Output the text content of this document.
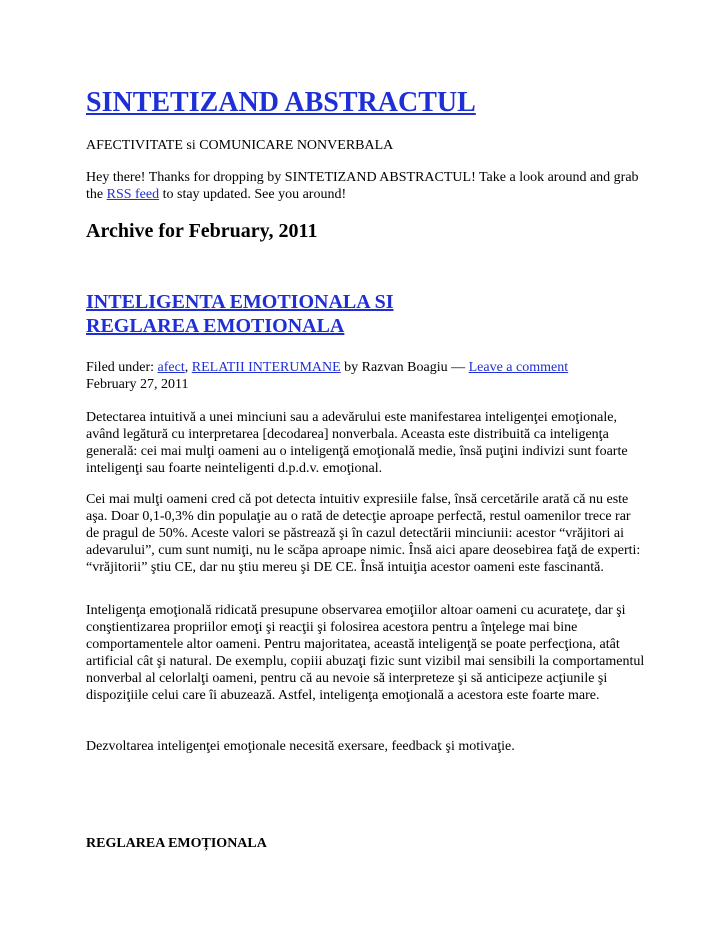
SINTETIZAND ABSTRACTUL
AFECTIVITATE si COMUNICARE NONVERBALA
Hey there! Thanks for dropping by SINTETIZAND ABSTRACTUL! Take a look around and grab the RSS feed to stay updated. See you around!
Archive for February, 2011
INTELIGENTA EMOTIONALA SI
REGLAREA EMOTIONALA
Filed under: afect, RELATII INTERUMANE by Razvan Boagiu — Leave a comment
February 27, 2011

Detectarea intuitivă a unei minciuni sau a adevărului este manifestarea inteligenţei emoţionale, având legătură cu interpretarea [decodarea] nonverbala. Aceasta este distribuită ca inteligenţa generală: cei mai mulţi oameni au o inteligenţă emoţională medie, însă puţini indivizi sunt foarte inteligenţi sau foarte neinteligenti d.p.d.v. emoţional.

Cei mai mulţi oameni cred că pot detecta intuitiv expresiile false, însă cercetările arată că nu este aşa. Doar 0,1-0,3% din populaţie au o rată de detecţie aproape perfectă, restul oamenilor trece rar de pragul de 50%. Aceste valori se păstrează şi în cazul detectării minciunii: acestor “vrăjitori ai adevarului”, cum sunt numiţi, nu le scăpa aproape nimic. Însă aici apare deosebirea faţă de experti: “vrăjitorii” ştiu CE, dar nu ştiu mereu şi DE CE. Însă intuiţia acestor oameni este fascinantă.

Inteligenţa emoţională ridicată presupune observarea emoţiilor altoar oameni cu acurateţe, dar şi conştientizarea propriilor emoţi şi reacţii şi folosirea acestora pentru a înţelege mai bine comportamentele altor oameni. Pentru majoritatea, această inteligenţă se poate perfecţiona, atât artificial cât şi natural. De exemplu, copiii abuzaţi fizic sunt vizibil mai sensibili la comportamentul nonverbal al celorlalţi oameni, pentru că au nevoie să interpreteze şi să anticipeze acţiunile şi dispoziţiile celui care îi abuzează. Astfel, inteligenţa emoţională a acestora este foarte mare.

Dezvoltarea inteligenţei emoţionale necesită exersare, feedback şi motivaţie.

REGLAREA EMOȚIONALA
